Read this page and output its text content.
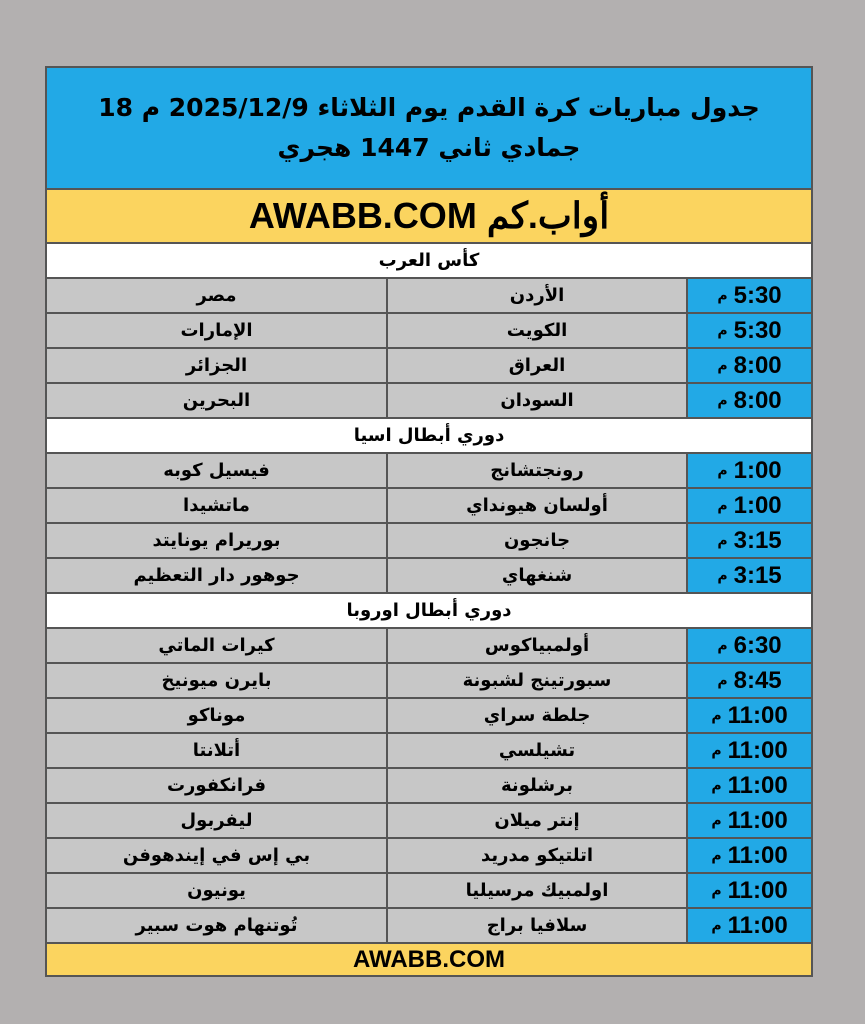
جدول مباريات كرة القدم يوم الثلاثاء 2025/12/9 م 18 جمادي ثاني 1447 هجري
أواب.كم AWABB.COM
كأس العرب
5:30
م
الأردن
مصر
5:30
م
الكويت
الإمارات
8:00
م
العراق
الجزائر
8:00
م
السودان
البحرين
دوري أبطال اسيا
1:00
م
رونجتشانج
فيسيل كوبه
1:00
م
أولسان هيونداي
ماتشيدا
3:15
م
جانجون
بوريرام يونايتد
3:15
م
شنغهاي
جوهور دار التعظيم
دوري أبطال اوروبا
6:30
م
أولمبياكوس
كيرات الماتي
8:45
م
سبورتينج لشبونة
بايرن ميونيخ
11:00
م
جلطة سراي
موناكو
11:00
م
تشيلسي
أتلانتا
11:00
م
برشلونة
فرانكفورت
11:00
م
إنتر ميلان
ليفربول
11:00
م
اتلتيكو مدريد
بي إس في إيندهوفن
11:00
م
اولمبيك مرسيليا
يونيون
11:00
م
سلافيا براج
تُوتنهام هوت سبير
AWABB.COM
